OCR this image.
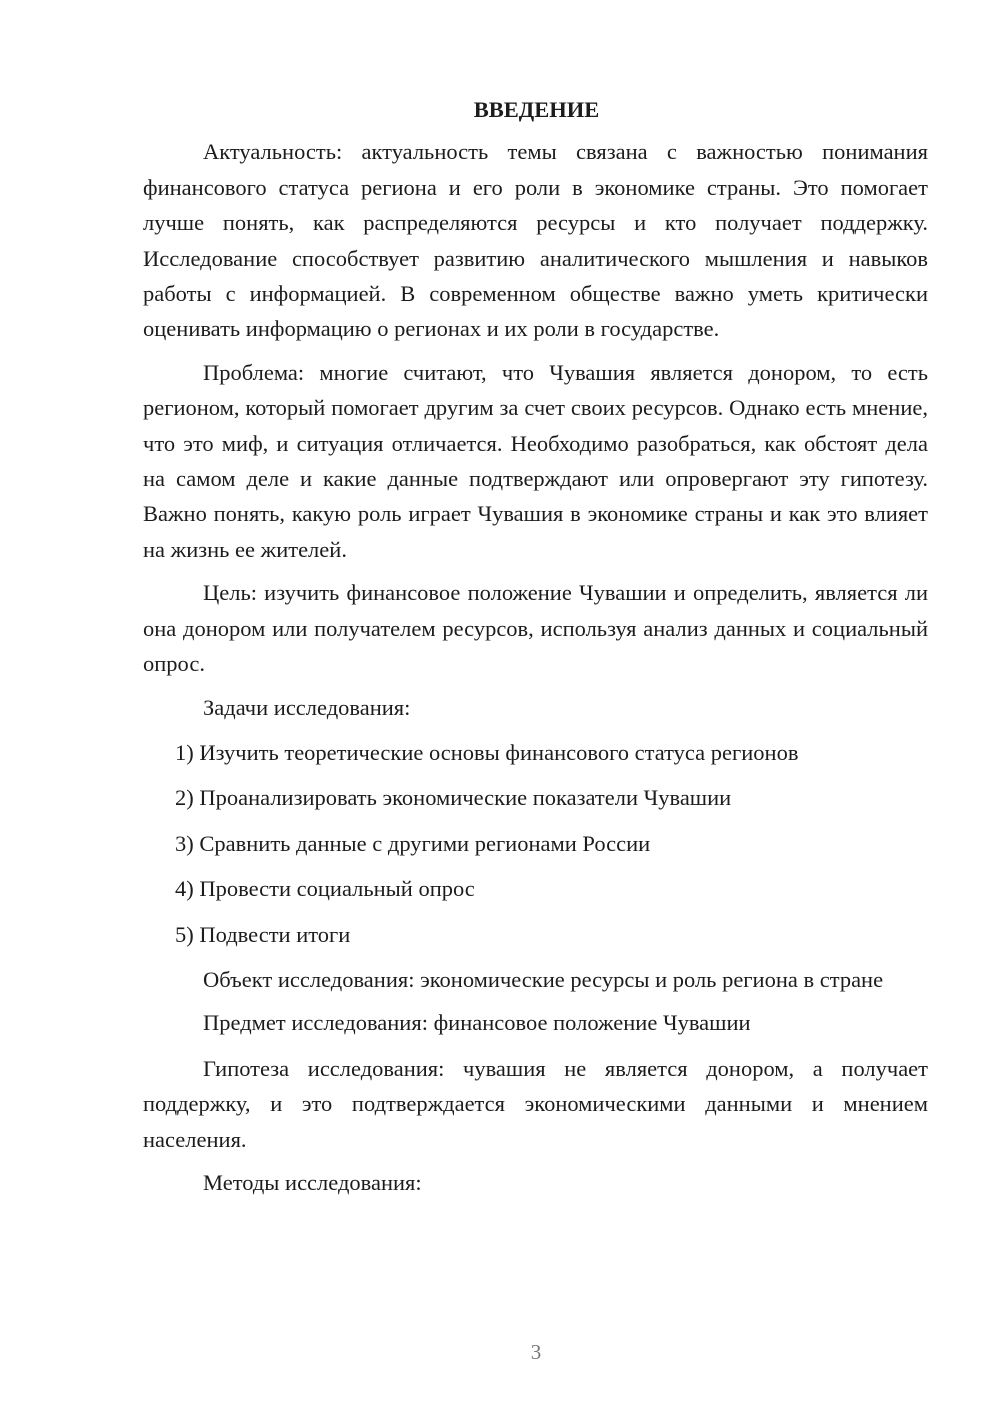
ВВЕДЕНИЕ

Актуальность: актуальность темы связана с важностью понимания финансового статуса региона и его роли в экономике страны. Это помогает лучше понять, как распределяются ресурсы и кто получает поддержку. Исследование способствует развитию аналитического мышления и навыков работы с информацией. В современном обществе важно уметь критически оценивать информацию о регионах и их роли в государстве.

Проблема: многие считают, что Чувашия является донором, то есть регионом, который помогает другим за счет своих ресурсов. Однако есть мнение, что это миф, и ситуация отличается. Необходимо разобраться, как обстоят дела на самом деле и какие данные подтверждают или опровергают эту гипотезу. Важно понять, какую роль играет Чувашия в экономике страны и как это влияет на жизнь ее жителей.

Цель: изучить финансовое положение Чувашии и определить, является ли она донором или получателем ресурсов, используя анализ данных и социальный опрос.

Задачи исследования:

1) Изучить теоретические основы финансового статуса регионов
2) Проанализировать экономические показатели Чувашии
3) Сравнить данные с другими регионами России
4) Провести социальный опрос
5) Подвести итоги

Объект исследования: экономические ресурсы и роль региона в стране

Предмет исследования: финансовое положение Чувашии

Гипотеза исследования: чувашия не является донором, а получает поддержку, и это подтверждается экономическими данными и мнением населения.

Методы исследования:

3
